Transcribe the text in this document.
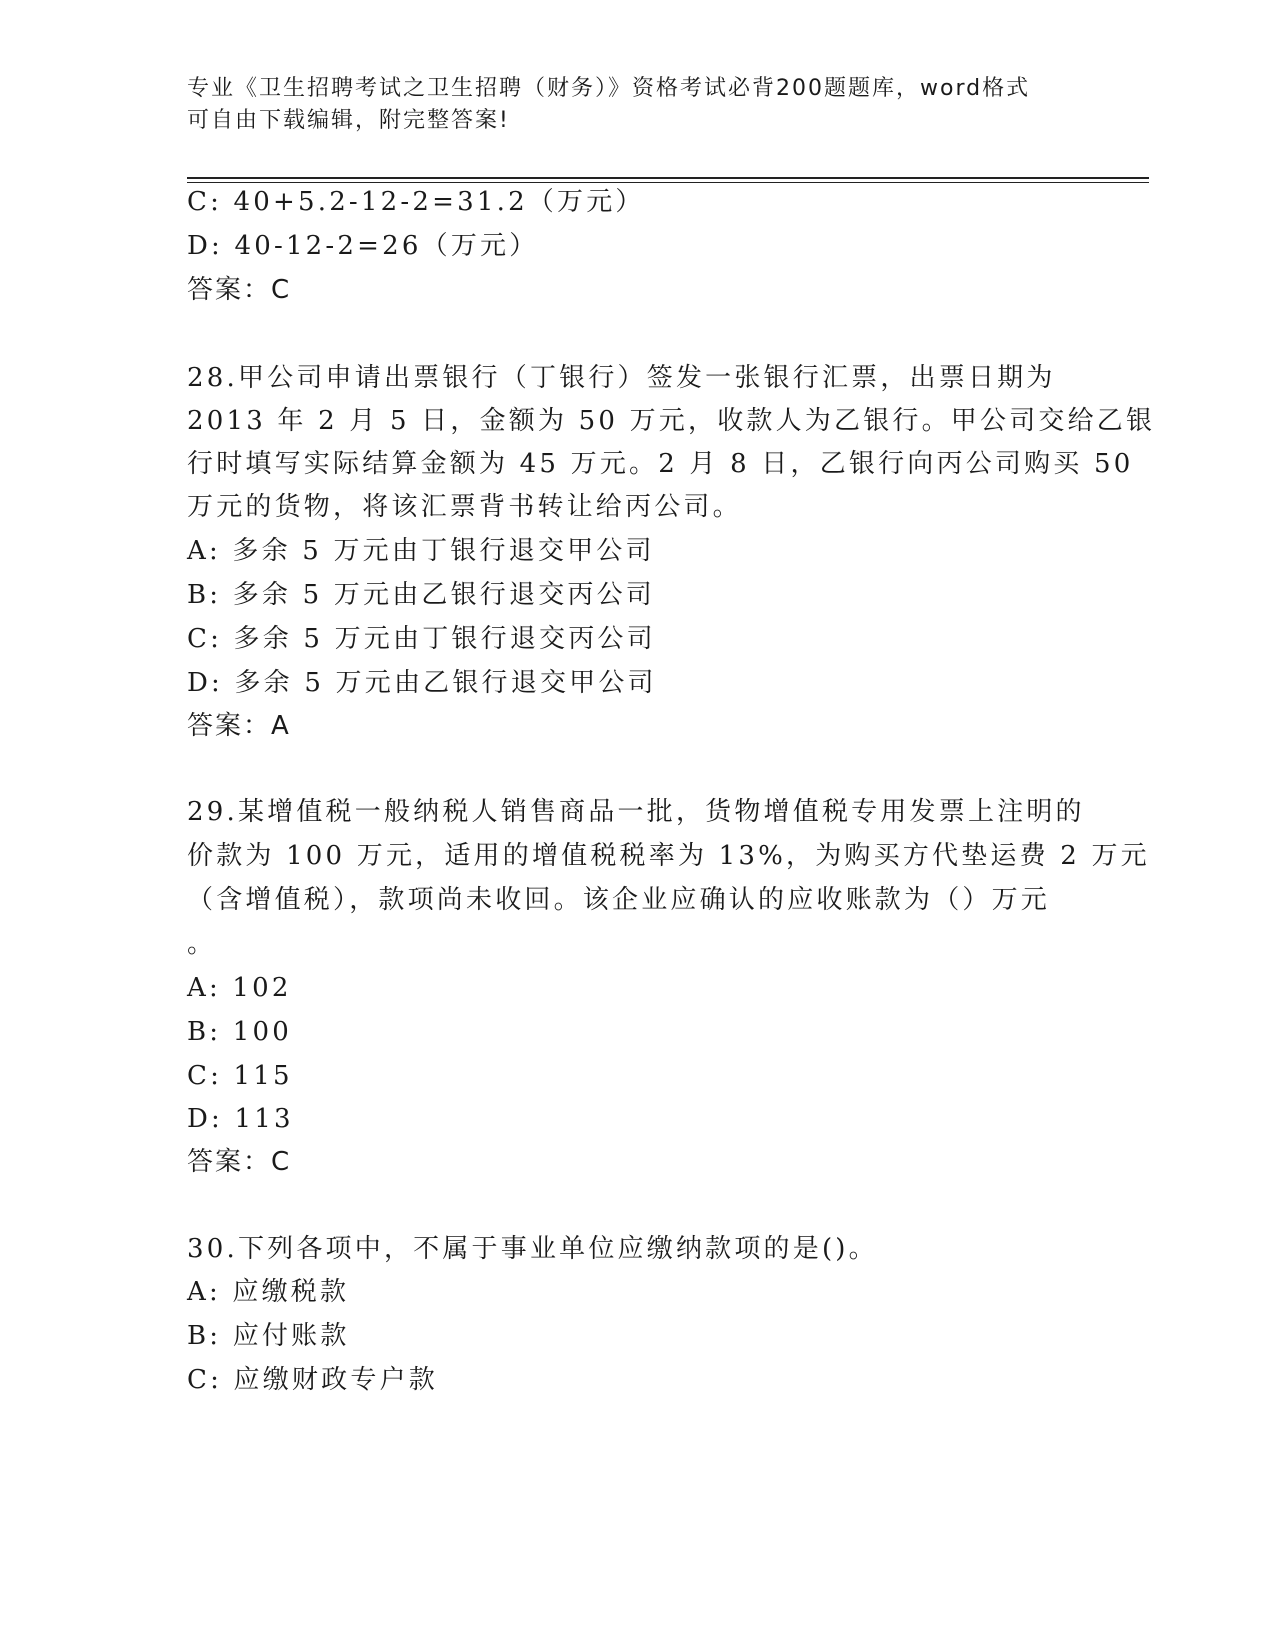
专业《卫生招聘考试之卫生招聘（财务）》资格考试必背200题题库，word格式
可自由下载编辑，附完整答案!
C: 40+5.2-12-2=31.2（万元）
D: 40-12-2=26（万元）
答案：C
28.甲公司申请出票银行（丁银行）签发一张银行汇票，出票日期为
2013 年 2 月 5 日，金额为 50 万元，收款人为乙银行。甲公司交给乙银
行时填写实际结算金额为 45 万元。2 月 8 日，乙银行向丙公司购买 50
万元的货物，将该汇票背书转让给丙公司。
A: 多余 5 万元由丁银行退交甲公司
B: 多余 5 万元由乙银行退交丙公司
C: 多余 5 万元由丁银行退交丙公司
D: 多余 5 万元由乙银行退交甲公司
答案：A
29.某增值税一般纳税人销售商品一批，货物增值税专用发票上注明的
价款为 100 万元，适用的增值税税率为 13%，为购买方代垫运费 2 万元
（含增值税），款项尚未收回。该企业应确认的应收账款为（）万元
。
A: 102
B: 100
C: 115
D: 113
答案：C
30.下列各项中，不属于事业单位应缴纳款项的是()。
A: 应缴税款
B: 应付账款
C: 应缴财政专户款
